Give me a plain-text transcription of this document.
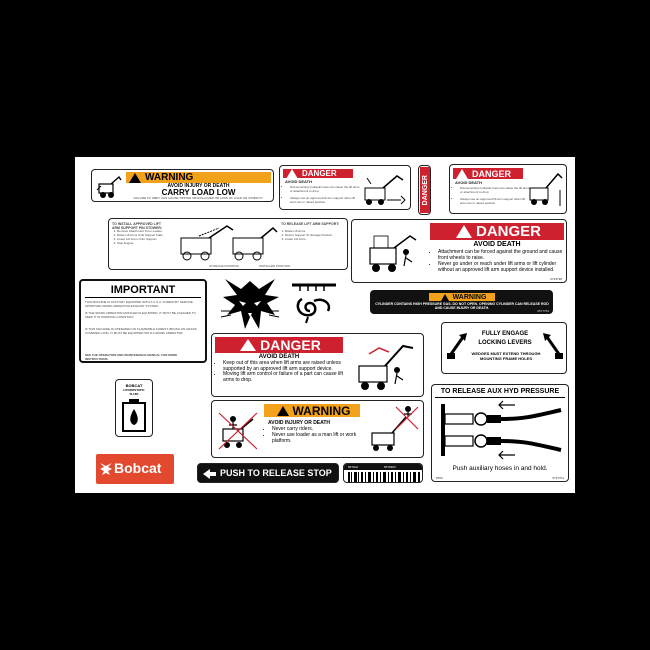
WARNING
AVOID INJURY OR DEATH
CARRY LOAD LOW
FAILURE TO OBEY CAN CAUSE TIPPING OR ROLLOVER OR LOSS OF LOAD OR VISIBILITY.
DANGER
AVOID DEATH
• Disconnecting hydraulic lines can cause the lift arms or attachment to drop.
• Always use an approved lift arm support when lift arms are in raised position.	DANGER
DANGER
AVOID DEATH
• Disconnecting hydraulic lines can cause the lift arms or attachment to drop.
• Always use an approved lift arm support when lift arms are in raised position.
TO INSTALL APPROVED LIFT ARM SUPPORT PIN STOWER:
1. Remove Attachment From Loader.
2. Raise Lift Arms Until Support Falls.
3. Lower Lift Arms Onto Support.
4. Stop Engine.
STORAGE POSITION	INSTALLED POSITION
TO RELEASE LIFT ARM SUPPORT:
1. Raise Lift Arms.
2. Return Support To Storage Position.
3. Lower Lift Arms.	DANGER
AVOID DEATH
• Attachment can be forced against the ground and cause front wheels to raise.
• Never go under or reach under lift arms or lift cylinder without an approved lift arm support device installed.
6724798
IMPORTANT
THIS MACHINE IS FACTORY EQUIPPED WITH A U.S.A. FORESTRY SERVICE APPROVED SPARK ARRESTOR EXHAUST SYSTEM.
IF THE SPARK ARRESTOR MUFFLER IS EQUIPPED, IT MUST BE CLEANED TO KEEP IT IN WORKING CONDITION.
IF THIS MACHINE IS OPERATED ON FLAMMABLE FOREST, BRUSH OR GRASS COVERED LAND, IT MUST BE EQUIPPED WITH A SPARK ARRESTOR.
SEE THE OPERATION AND MAINTENANCE MANUAL FOR MORE INSTRUCTIONS.
WARNING
CYLINDER CONTAINS HIGH PRESSURE GAS. DO NOT OPEN. OPENING CYLINDER CAN RELEASE ROD AND CAUSE INJURY OR DEATH.
6577754
FULLY ENGAGE
LOCKING LEVERS
WEDGES MUST EXTEND THROUGH MOUNTING FRAME HOLES
DANGER
AVOID DEATH
• Keep out of this area when lift arms are raised unless supported by an approved lift arm support device.
• Moving lift arm control or failure of a part can cause lift arms to drop.
BOBCAT
HYDROSTATIC
FLUID
WARNING
AVOID INJURY OR DEATH
• Never carry riders.
• Never use loader as a man lift or work platform.
TO RELEASE AUX HYD PRESSURE
Push auxiliary hoses in and hold.
6554	6737701
Bobcat	PUSH TO RELEASE STOP
6576303
6570ref
